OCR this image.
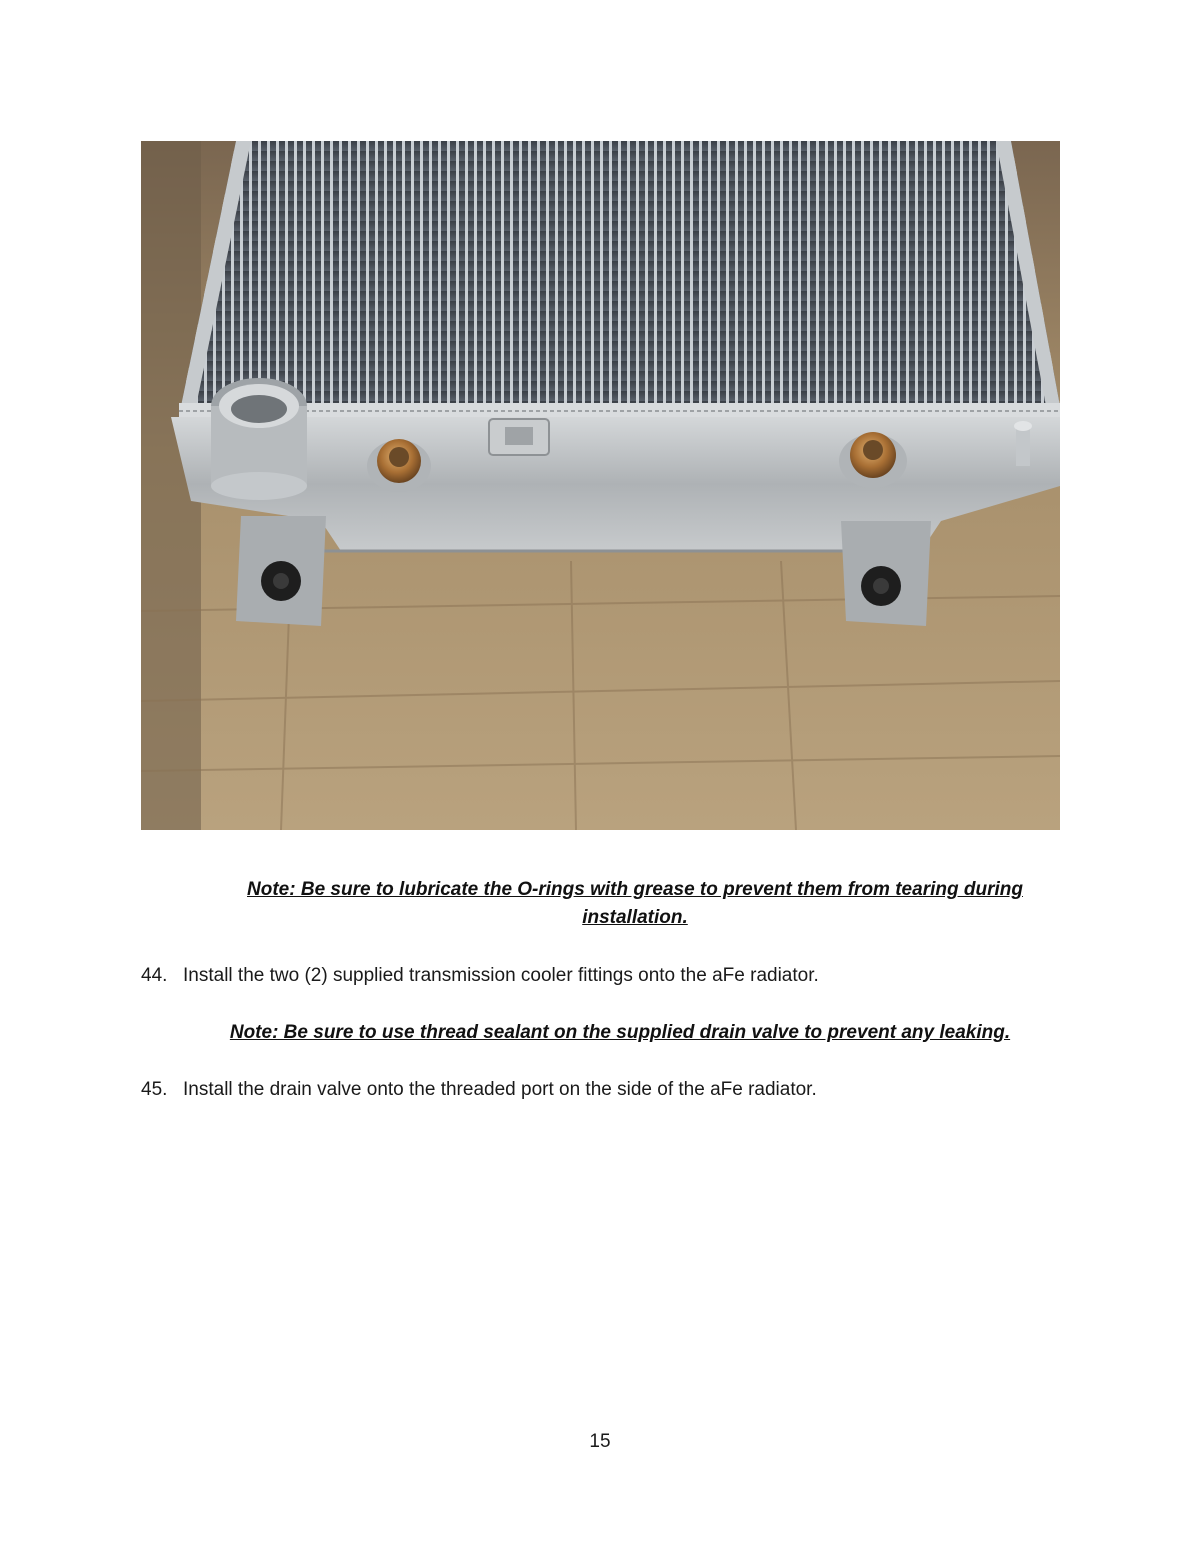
Note: Be sure to lubricate the O-rings with grease to prevent them from tearing during installation.
44. Install the two (2) supplied transmission cooler fittings onto the aFe radiator.
Note: Be sure to use thread sealant on the supplied drain valve to prevent any leaking.
45. Install the drain valve onto the threaded port on the side of the aFe radiator.
15
